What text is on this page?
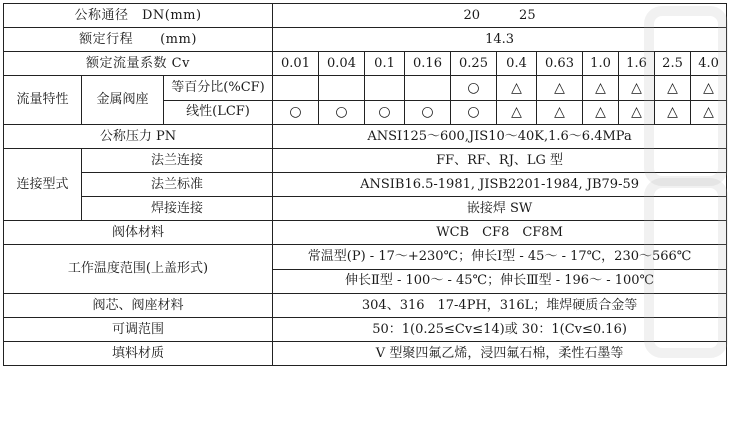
公称通径　DN(mm)			20　　　25										
额定行程　　(mm)			14.3										
额定流量系数 Cv			0.01	0.04	0.1	0.16	0.25	0.4	0.63	1.0	1.6	2.5	4.0
流量特性	金属阀座	等百分比(%CF)					○	△	△	△	△	△	△
		线性(LCF)	○	○	○	○	○	△	△	△	△	△	△
公称压力 PN			ANSI125～600,JIS10～40K,1.6～6.4MPa										
连接型式	法兰连接		FF、RF、RJ、LG 型										
	法兰标准		ANSIB16.5-1981, JISB2201-1984, JB79-59										
	焊接连接		嵌接焊 SW										
阀体材料			WCB　CF8　CF8M										
工作温度范围(上盖形式)			常温型(P) - 17～+230℃；伸长Ⅰ型 - 45～ - 17℃，230～566℃										
			伸长Ⅱ型 - 100～ - 45℃；伸长Ⅲ型 - 196～ - 100℃										
阀芯、阀座材料			304、316　17-4PH，316L；堆焊硬质合金等										
可调范围			50：1(0.25≤Cv≤14)或 30：1(Cv≤0.16)										
填料材质			V 型聚四氟乙烯，浸四氟石棉，柔性石墨等										
